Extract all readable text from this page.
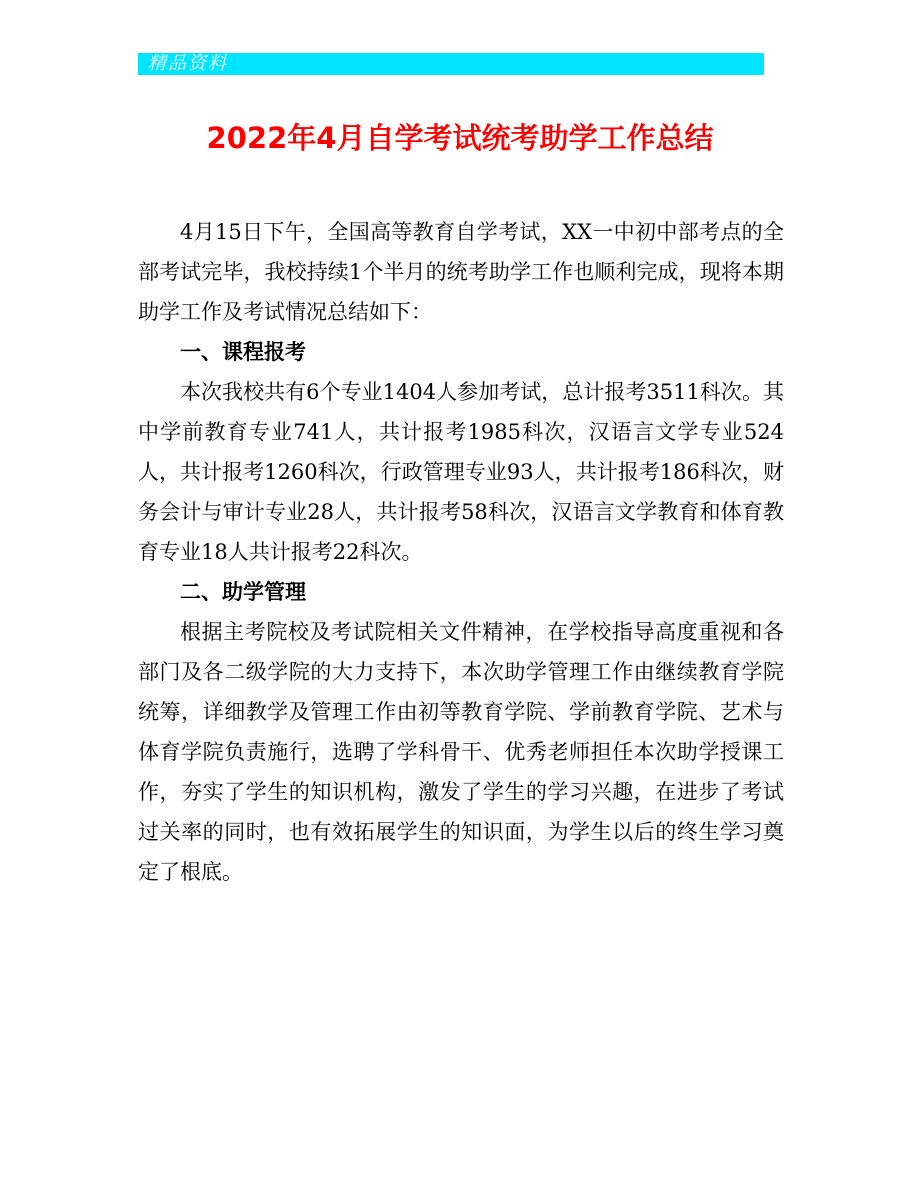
精品资料
2022年4月自学考试统考助学工作总结

4月15日下午，全国高等教育自学考试，XX一中初中部考点的全部考试完毕，我校持续1个半月的统考助学工作也顺利完成，现将本期助学工作及考试情况总结如下：

一、课程报考

本次我校共有6个专业1404人参加考试，总计报考3511科次。其中学前教育专业741人，共计报考1985科次，汉语言文学专业524人，共计报考1260科次，行政管理专业93人，共计报考186科次，财务会计与审计专业28人，共计报考58科次，汉语言文学教育和体育教育专业18人共计报考22科次。

二、助学管理

根据主考院校及考试院相关文件精神，在学校指导高度重视和各部门及各二级学院的大力支持下，本次助学管理工作由继续教育学院统筹，详细教学及管理工作由初等教育学院、学前教育学院、艺术与体育学院负责施行，选聘了学科骨干、优秀老师担任本次助学授课工作，夯实了学生的知识机构，激发了学生的学习兴趣，在进步了考试过关率的同时，也有效拓展学生的知识面，为学生以后的终生学习奠定了根底。
